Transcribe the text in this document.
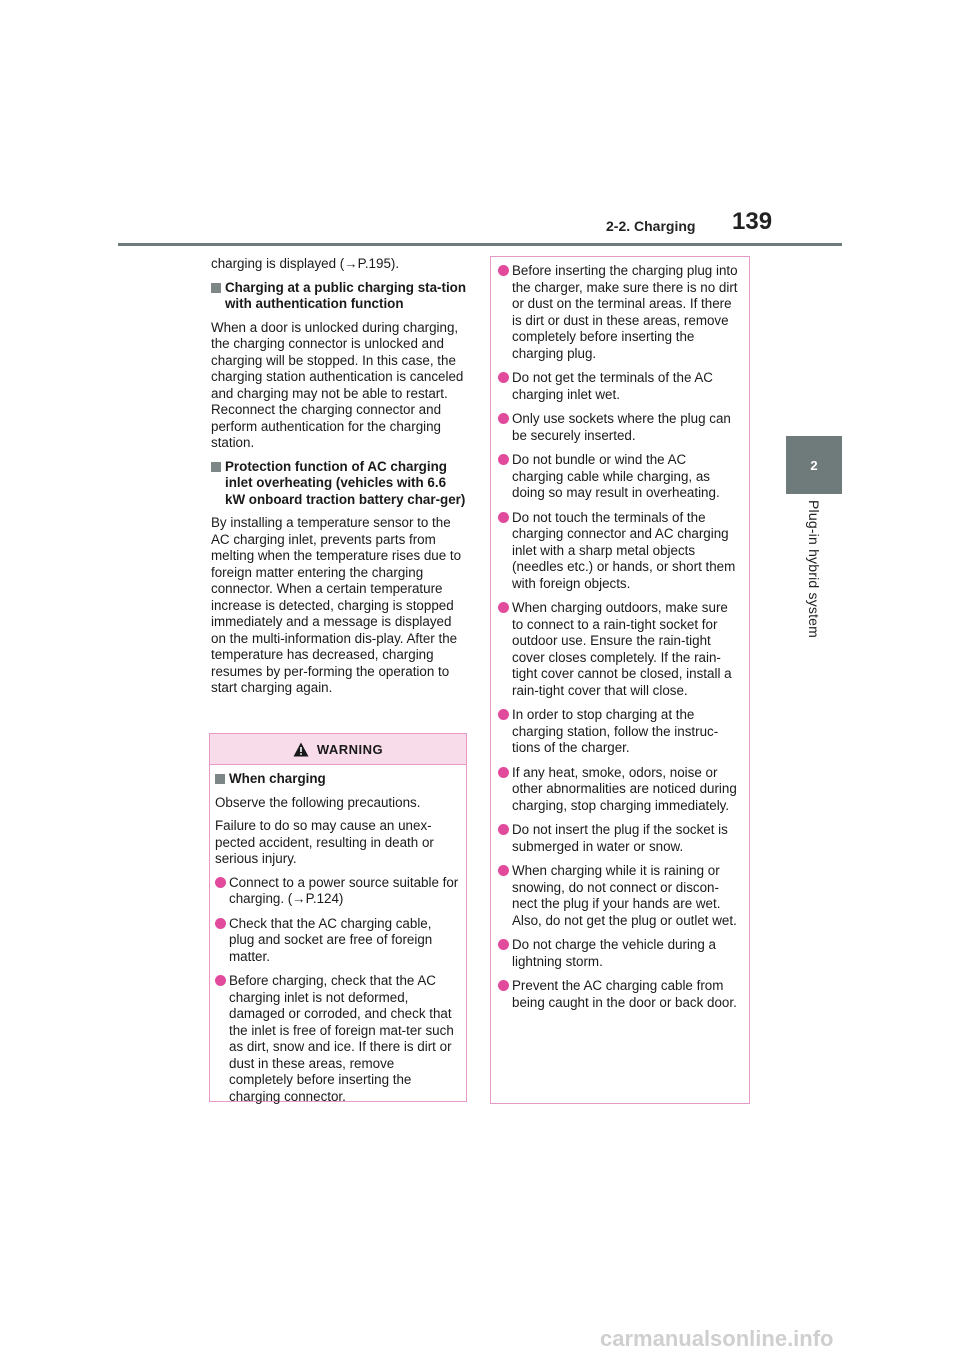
2-2. Charging 139
2
Plug-in hybrid system

charging is displayed (→P.195).

Charging at a public charging sta-tion with authentication function

When a door is unlocked during charging, the charging connector is unlocked and charging will be stopped. In this case, the charging station authentication is canceled and charging may not be able to restart. Reconnect the charging connector and perform authentication for the charging station.

Protection function of AC charging inlet overheating (vehicles with 6.6 kW onboard traction battery char-ger)

By installing a temperature sensor to the AC charging inlet, prevents parts from melting when the temperature rises due to foreign matter entering the charging connector. When a certain temperature increase is detected, charging is stopped immediately and a message is displayed on the multi-information dis-play. After the temperature has decreased, charging resumes by per-forming the operation to start charging again.

WARNING
When charging

Observe the following precautions.

Failure to do so may cause an unex-pected accident, resulting in death or serious injury.

Connect to a power source suitable for charging. (→P.124)
Check that the AC charging cable, plug and socket are free of foreign matter.
Before charging, check that the AC charging inlet is not deformed, damaged or corroded, and check that the inlet is free of foreign mat-ter such as dirt, snow and ice. If there is dirt or dust in these areas, remove completely before inserting the charging connector.
Before inserting the charging plug into the charger, make sure there is no dirt or dust on the terminal areas. If there is dirt or dust in these areas, remove completely before inserting the charging plug.
Do not get the terminals of the AC charging inlet wet.
Only use sockets where the plug can be securely inserted.
Do not bundle or wind the AC charging cable while charging, as doing so may result in overheating.
Do not touch the terminals of the charging connector and AC charging inlet with a sharp metal objects (needles etc.) or hands, or short them with foreign objects.
When charging outdoors, make sure to connect to a rain-tight socket for outdoor use. Ensure the rain-tight cover closes completely. If the rain-tight cover cannot be closed, install a rain-tight cover that will close.
In order to stop charging at the charging station, follow the instruc-tions of the charger.
If any heat, smoke, odors, noise or other abnormalities are noticed during charging, stop charging immediately.
Do not insert the plug if the socket is submerged in water or snow.
When charging while it is raining or snowing, do not connect or discon-nect the plug if your hands are wet. Also, do not get the plug or outlet wet.
Do not charge the vehicle during a lightning storm.
Prevent the AC charging cable from being caught in the door or back door.
carmanualsonline.info
